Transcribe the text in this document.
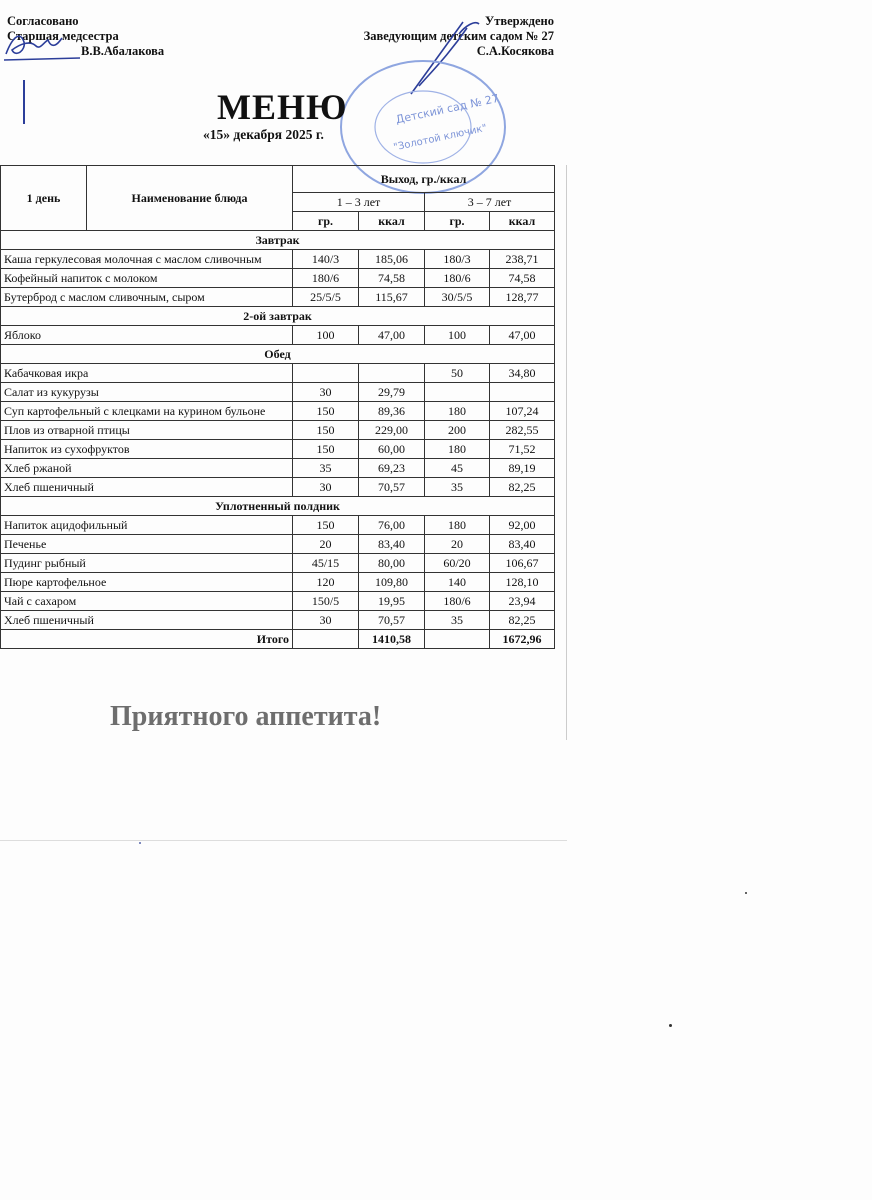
Согласовано
Старшая медсестра
В.В.Абалакова
Утверждено
Заведующим детским садом № 27
С.А.Косякова
Детский сад № 27
"Золотой ключик"
МЕНЮ
«15» декабря 2025 г.
1 день	Наименование блюда	Выход, гр./ккал			
		1 – 3 лет		3 – 7 лет	
		гр.	ккал	гр.	ккал
Завтрак					
Каша геркулесовая молочная с маслом сливочным		140/3	185,06	180/3	238,71
Кофейный напиток с молоком		180/6	74,58	180/6	74,58
Бутерброд с маслом сливочным, сыром		25/5/5	115,67	30/5/5	128,77
2-ой завтрак					
Яблоко		100	47,00	100	47,00
Обед					
Кабачковая икра				50	34,80
Салат из кукурузы		30	29,79		
Суп картофельный с клецками на курином бульоне		150	89,36	180	107,24
Плов из отварной птицы		150	229,00	200	282,55
Напиток из сухофруктов		150	60,00	180	71,52
Хлеб ржаной		35	69,23	45	89,19
Хлеб пшеничный		30	70,57	35	82,25
Уплотненный полдник					
Напиток ацидофильный		150	76,00	180	92,00
Печенье		20	83,40	20	83,40
Пудинг рыбный		45/15	80,00	60/20	106,67
Пюре картофельное		120	109,80	140	128,10
Чай с сахаром		150/5	19,95	180/6	23,94
Хлеб пшеничный		30	70,57	35	82,25
Итого			1410,58		1672,96
Приятного аппетита!
